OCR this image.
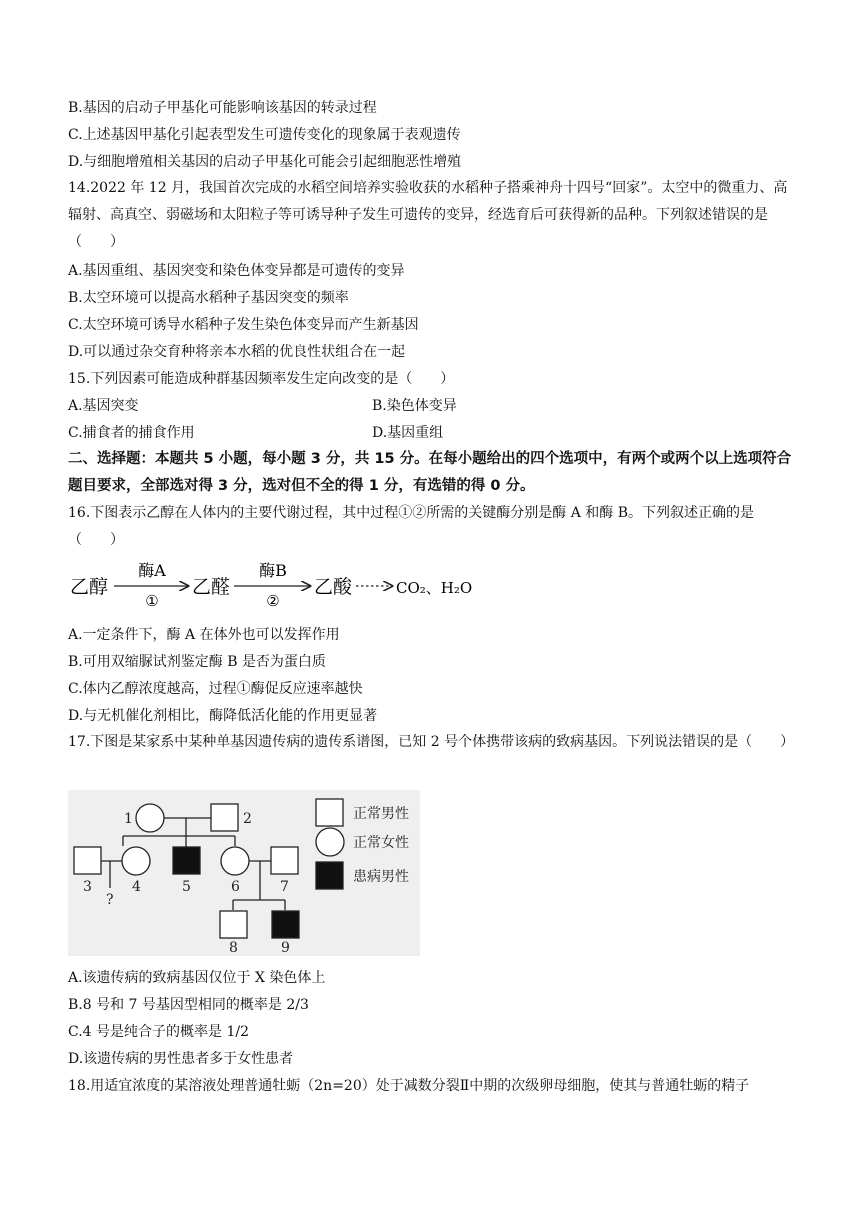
B.基因的启动子甲基化可能影响该基因的转录过程
C.上述基因甲基化引起表型发生可遗传变化的现象属于表观遗传
D.与细胞增殖相关基因的启动子甲基化可能会引起细胞恶性增殖
14.2022 年 12 月，我国首次完成的水稻空间培养实验收获的水稻种子搭乘神舟十四号“回家”。太空中的微重力、高辐射、高真空、弱磁场和太阳粒子等可诱导种子发生可遗传的变异，经选育后可获得新的品种。下列叙述错误的是（　　）
A.基因重组、基因突变和染色体变异都是可遗传的变异
B.太空环境可以提高水稻种子基因突变的频率
C.太空环境可诱导水稻种子发生染色体变异而产生新基因
D.可以通过杂交育种将亲本水稻的优良性状组合在一起
15.下列因素可能造成种群基因频率发生定向改变的是（　　）
A.基因突变	B.染色体变异
C.捕食者的捕食作用	D.基因重组
二、选择题：本题共 5 小题，每小题 3 分，共 15 分。在每小题给出的四个选项中，有两个或两个以上选项符合题目要求，全部选对得 3 分，选对但不全的得 1 分，有选错的得 0 分。
16.下图表示乙醇在人体内的主要代谢过程，其中过程①②所需的关键酶分别是酶 A 和酶 B。下列叙述正确的是（　　）
乙醇
酶A
①
乙醛
酶B
②
乙酸	CO₂、H₂O
A.一定条件下，酶 A 在体外也可以发挥作用
B.可用双缩脲试剂鉴定酶 B 是否为蛋白质
C.体内乙醇浓度越高，过程①酶促反应速率越快
D.与无机催化剂相比，酶降低活化能的作用更显著
17.下图是某家系中某种单基因遗传病的遗传系谱图，已知 2 号个体携带该病的致病基因。下列说法错误的是（　　）
1	2
3	4	5	6	7
8	9
?
正常男性
正常女性
患病男性
A.该遗传病的致病基因仅位于 X 染色体上
B.8 号和 7 号基因型相同的概率是 2/3
C.4 号是纯合子的概率是 1/2
D.该遗传病的男性患者多于女性患者
18.用适宜浓度的某溶液处理普通牡蛎（2n=20）处于减数分裂Ⅱ中期的次级卵母细胞，使其与普通牡蛎的精子
